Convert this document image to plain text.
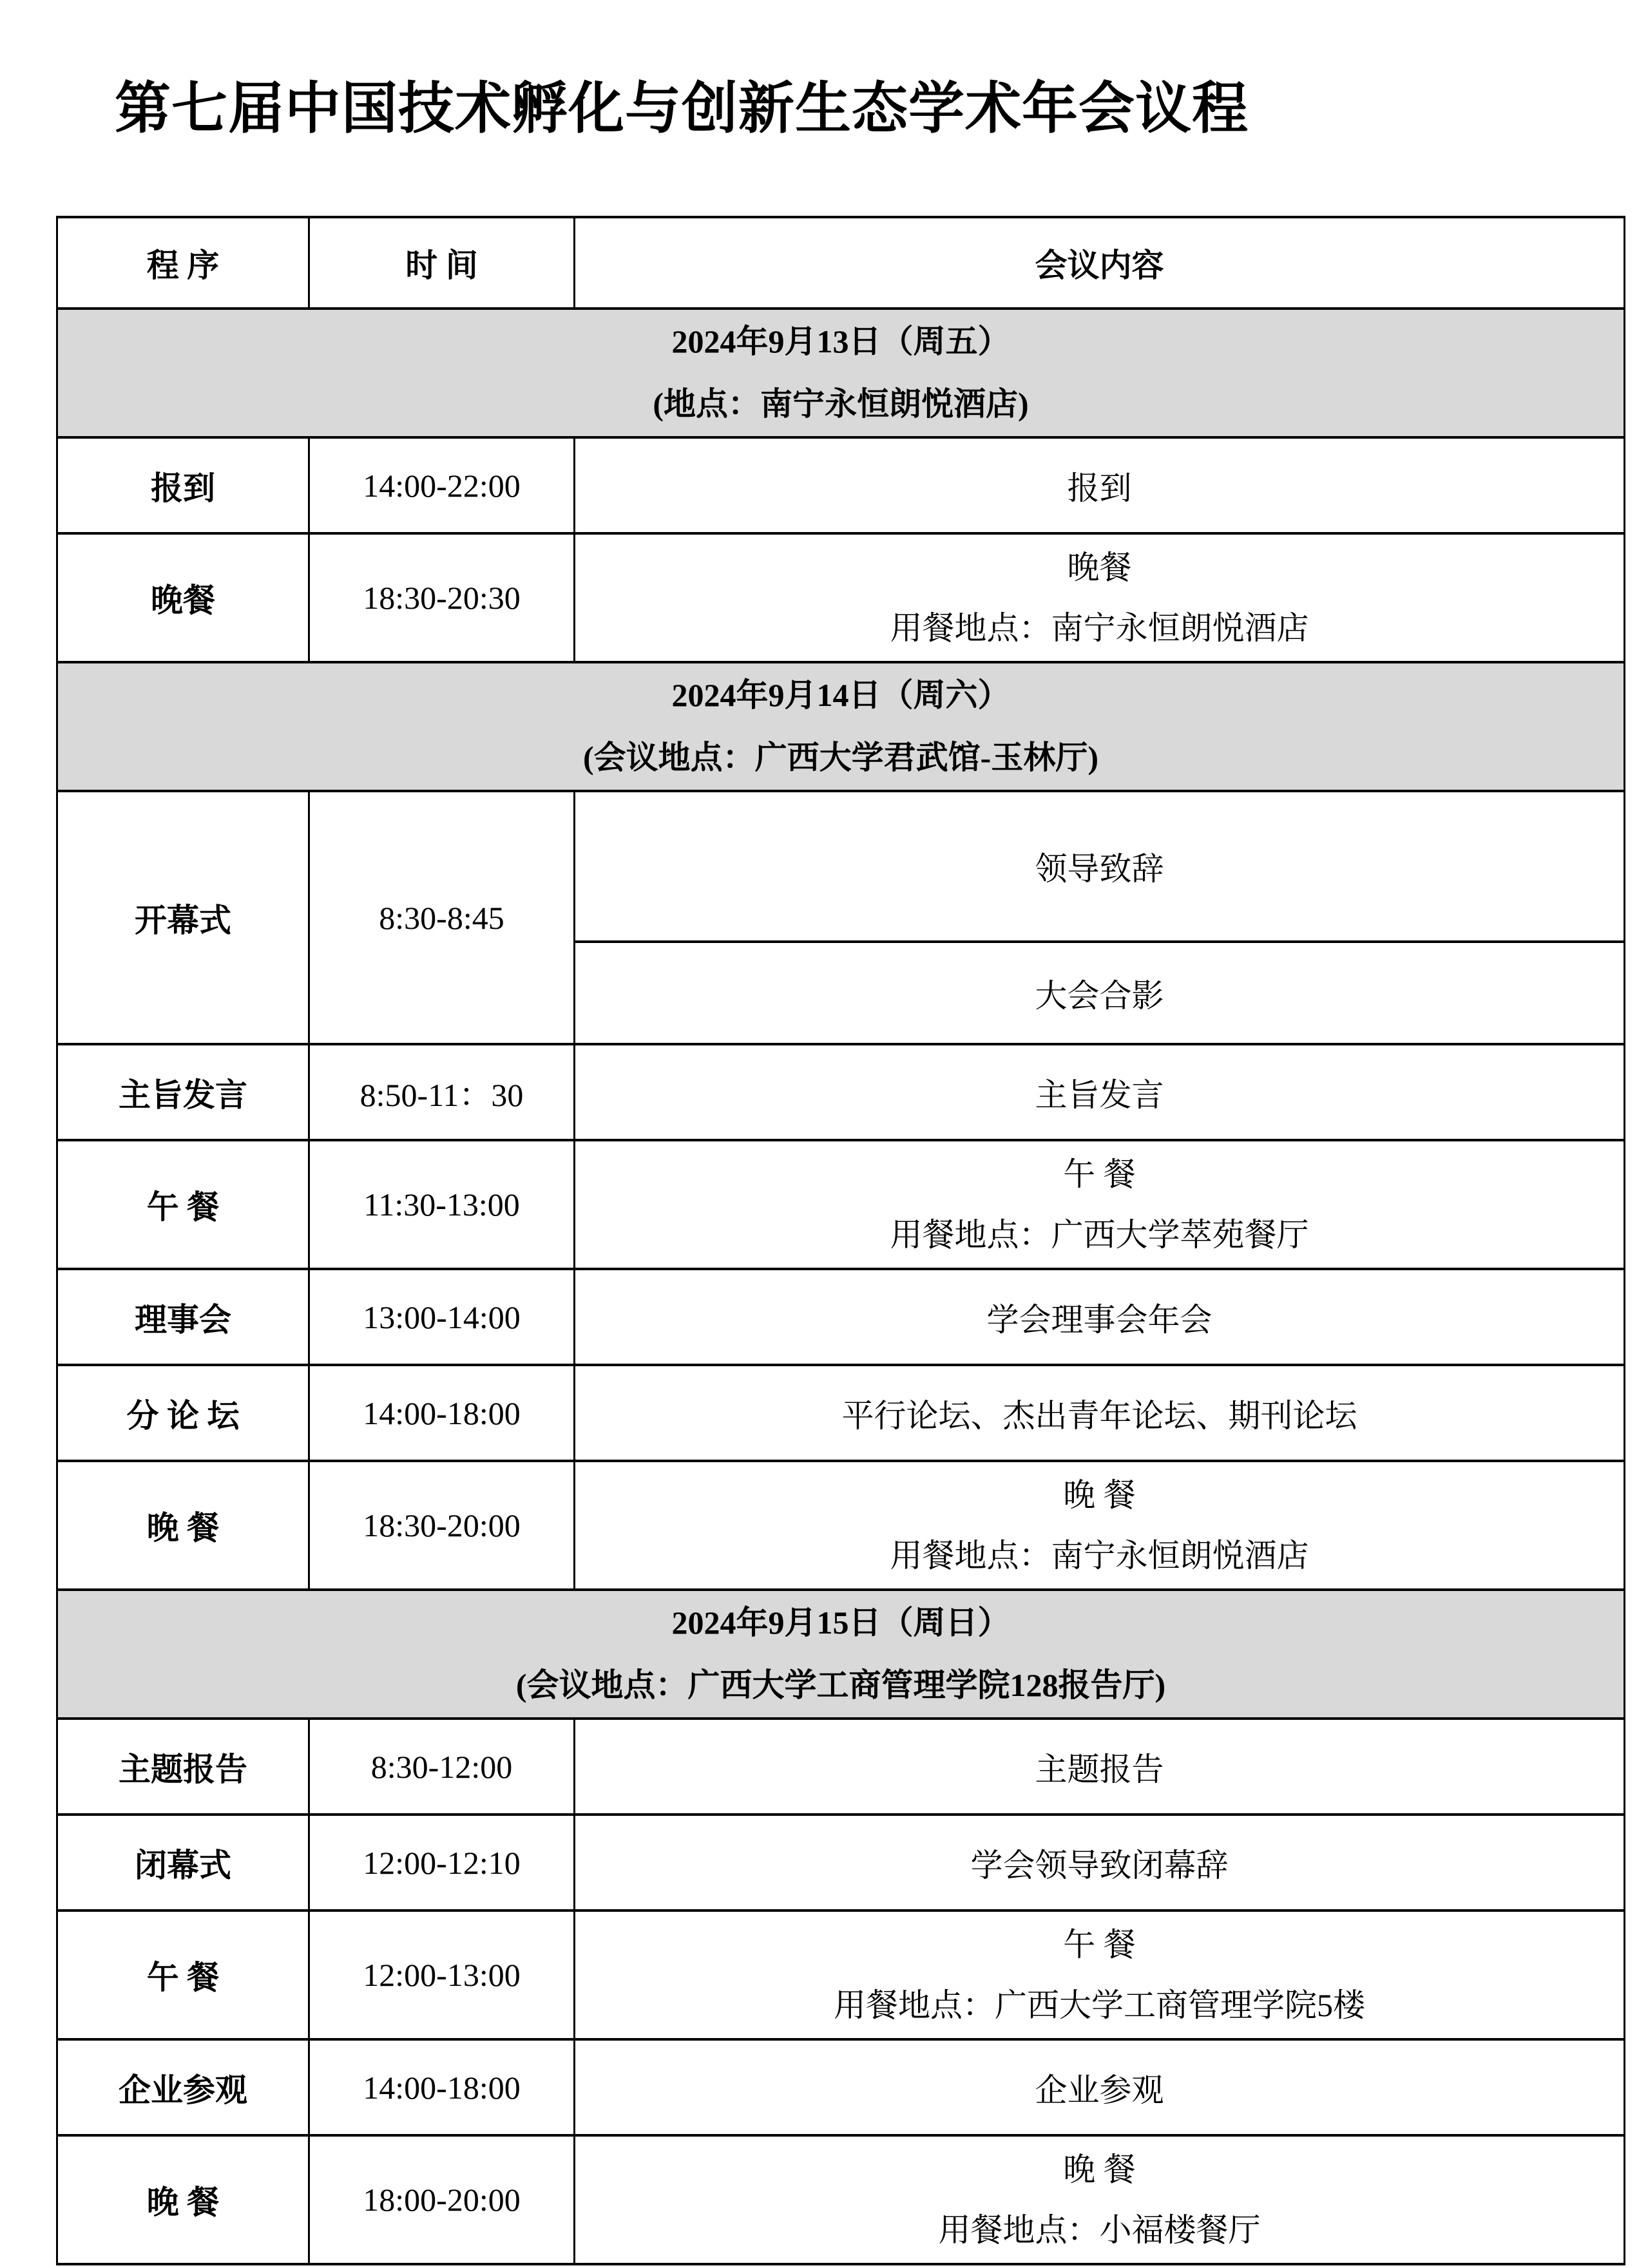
第七届中国技术孵化与创新生态学术年会议程
程 序	时 间	会议内容

2024年9月13日（周五）
(地点：南宁永恒朗悦酒店)		

报到	14:00-22:00	报到
晚餐	18:30-20:30	晚餐
用餐地点：南宁永恒朗悦酒店

2024年9月14日（周六）
(会议地点：广西大学君武馆-玉林厅)		

开幕式	8:30-8:45	领导致辞
		大会合影
主旨发言	8:50-11：30	主旨发言
午 餐	11:30-13:00	午 餐
用餐地点：广西大学萃苑餐厅

理事会	13:00-14:00	学会理事会年会
分 论 坛	14:00-18:00	平行论坛、杰出青年论坛、期刊论坛
晚 餐	18:30-20:00	晚 餐
用餐地点：南宁永恒朗悦酒店

2024年9月15日（周日）
(会议地点：广西大学工商管理学院128报告厅)		

主题报告	8:30-12:00	主题报告
闭幕式	12:00-12:10	学会领导致闭幕辞
午 餐	12:00-13:00	午 餐
用餐地点：广西大学工商管理学院5楼

企业参观	14:00-18:00	企业参观
晚 餐	18:00-20:00	晚 餐
用餐地点：小福楼餐厅
